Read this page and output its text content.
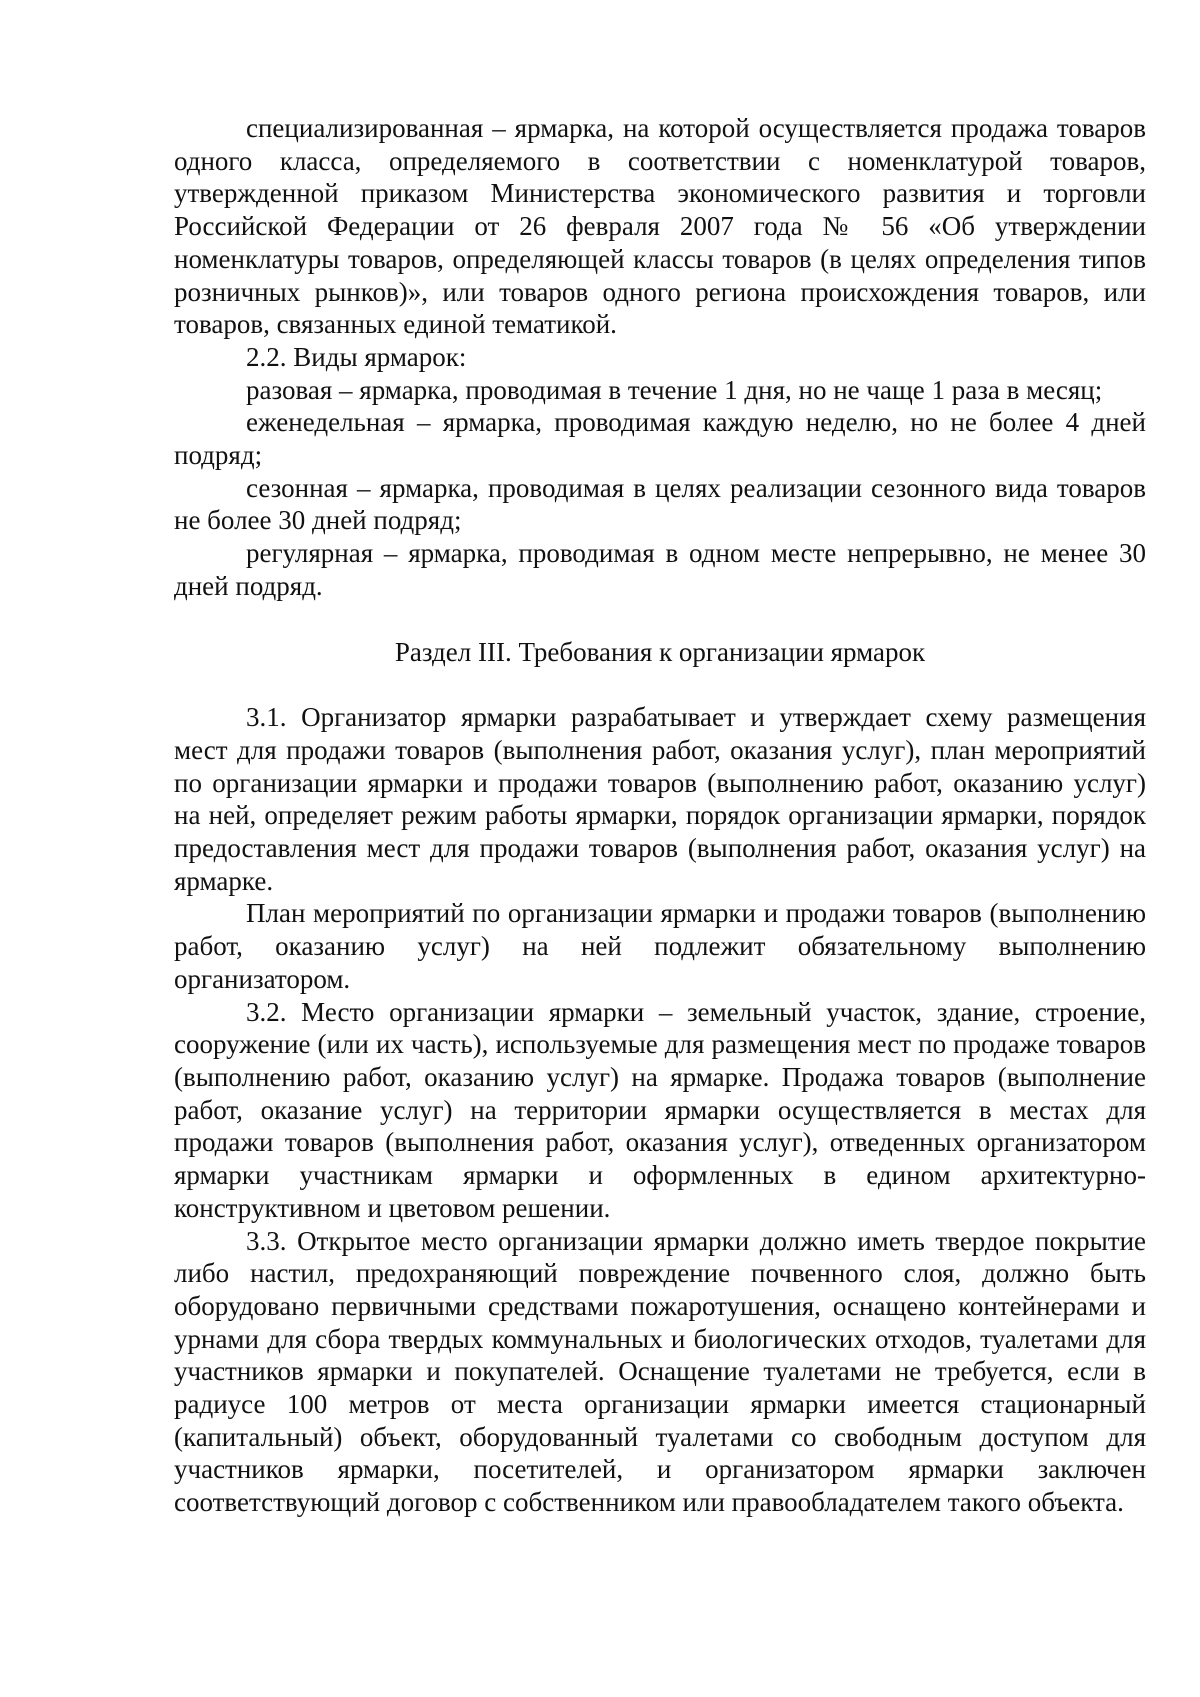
специализированная – ярмарка, на которой осуществляется продажа товаров одного класса, определяемого в соответствии с номенклатурой товаров, утвержденной приказом Министерства экономического развития и торговли Российской Федерации от 26 февраля 2007 года № 56 «Об утверждении номенклатуры товаров, определяющей классы товаров (в целях определения типов розничных рынков)», или товаров одного региона происхождения товаров, или товаров, связанных единой тематикой.

2.2. Виды ярмарок:

разовая – ярмарка, проводимая в течение 1 дня, но не чаще 1 раза в месяц;

еженедельная – ярмарка, проводимая каждую неделю, но не более 4 дней подряд;

сезонная – ярмарка, проводимая в целях реализации сезонного вида товаров не более 30 дней подряд;

регулярная – ярмарка, проводимая в одном месте непрерывно, не менее 30 дней подряд.

Раздел III. Требования к организации ярмарок

3.1. Организатор ярмарки разрабатывает и утверждает схему размещения мест для продажи товаров (выполнения работ, оказания услуг), план мероприятий по организации ярмарки и продажи товаров (выполнению работ, оказанию услуг) на ней, определяет режим работы ярмарки, порядок организации ярмарки, порядок предоставления мест для продажи товаров (выполнения работ, оказания услуг) на ярмарке.

План мероприятий по организации ярмарки и продажи товаров (выполнению работ, оказанию услуг) на ней подлежит обязательному выполнению организатором.

3.2. Место организации ярмарки – земельный участок, здание, строение, сооружение (или их часть), используемые для размещения мест по продаже товаров (выполнению работ, оказанию услуг) на ярмарке. Продажа товаров (выполнение работ, оказание услуг) на территории ярмарки осуществляется в местах для продажи товаров (выполнения работ, оказания услуг), отведенных организатором ярмарки участникам ярмарки и оформленных в едином архитектурно-конструктивном и цветовом решении.

3.3. Открытое место организации ярмарки должно иметь твердое покрытие либо настил, предохраняющий повреждение почвенного слоя, должно быть оборудовано первичными средствами пожаротушения, оснащено контейнерами и урнами для сбора твердых коммунальных и биологических отходов, туалетами для участников ярмарки и покупателей. Оснащение туалетами не требуется, если в радиусе 100 метров от места организации ярмарки имеется стационарный (капитальный) объект, оборудованный туалетами со свободным доступом для участников ярмарки, посетителей, и организатором ярмарки заключен соответствующий договор с собственником или правообладателем такого объекта.
